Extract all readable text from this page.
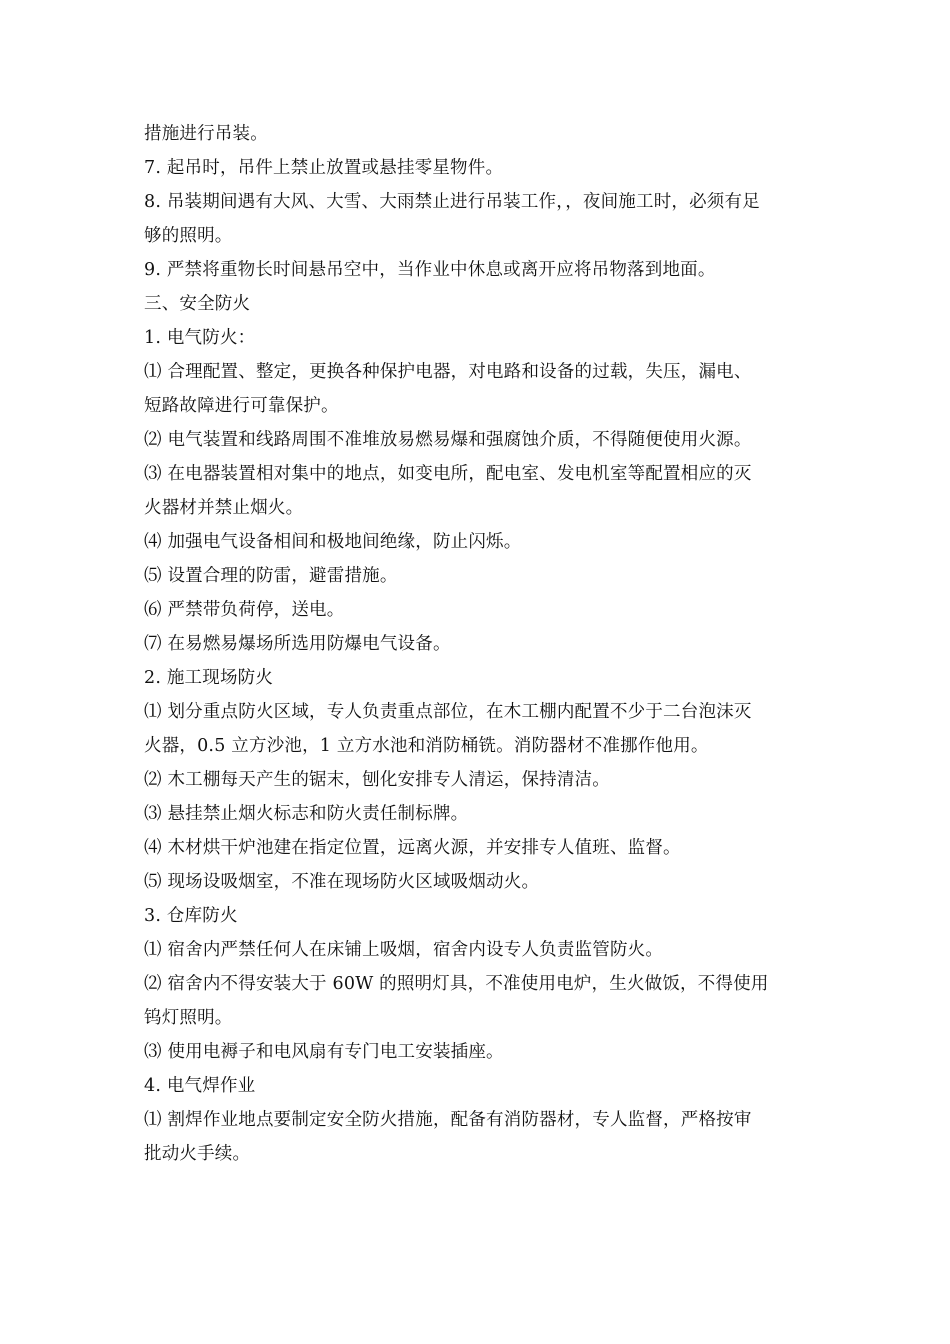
措施进行吊装。
7. 起吊时，吊件上禁止放置或悬挂零星物件。
8. 吊装期间遇有大风、大雪、大雨禁止进行吊装工作，，夜间施工时，必须有足
够的照明。
9. 严禁将重物长时间悬吊空中，当作业中休息或离开应将吊物落到地面。
三、安全防火
1. 电气防火：
⑴ 合理配置、整定，更换各种保护电器，对电路和设备的过载，失压，漏电、
短路故障进行可靠保护。
⑵ 电气装置和线路周围不准堆放易燃易爆和强腐蚀介质，不得随便使用火源。
⑶ 在电器装置相对集中的地点，如变电所，配电室、发电机室等配置相应的灭
火器材并禁止烟火。
⑷ 加强电气设备相间和极地间绝缘，防止闪烁。
⑸ 设置合理的防雷，避雷措施。
⑹ 严禁带负荷停，送电。
⑺ 在易燃易爆场所选用防爆电气设备。
2. 施工现场防火
⑴ 划分重点防火区域，专人负责重点部位，在木工棚内配置不少于二台泡沫灭
火器，0.5 立方沙池，1 立方水池和消防桶铣。消防器材不准挪作他用。
⑵ 木工棚每天产生的锯末，刨化安排专人清运，保持清洁。
⑶ 悬挂禁止烟火标志和防火责任制标牌。
⑷ 木材烘干炉池建在指定位置，远离火源，并安排专人值班、监督。
⑸ 现场设吸烟室，不准在现场防火区域吸烟动火。
3. 仓库防火
⑴ 宿舍内严禁任何人在床铺上吸烟，宿舍内设专人负责监管防火。
⑵ 宿舍内不得安装大于 60W 的照明灯具，不准使用电炉，生火做饭，不得使用
钨灯照明。
⑶ 使用电褥子和电风扇有专门电工安装插座。
4. 电气焊作业
⑴ 割焊作业地点要制定安全防火措施，配备有消防器材，专人监督，严格按审
批动火手续。
